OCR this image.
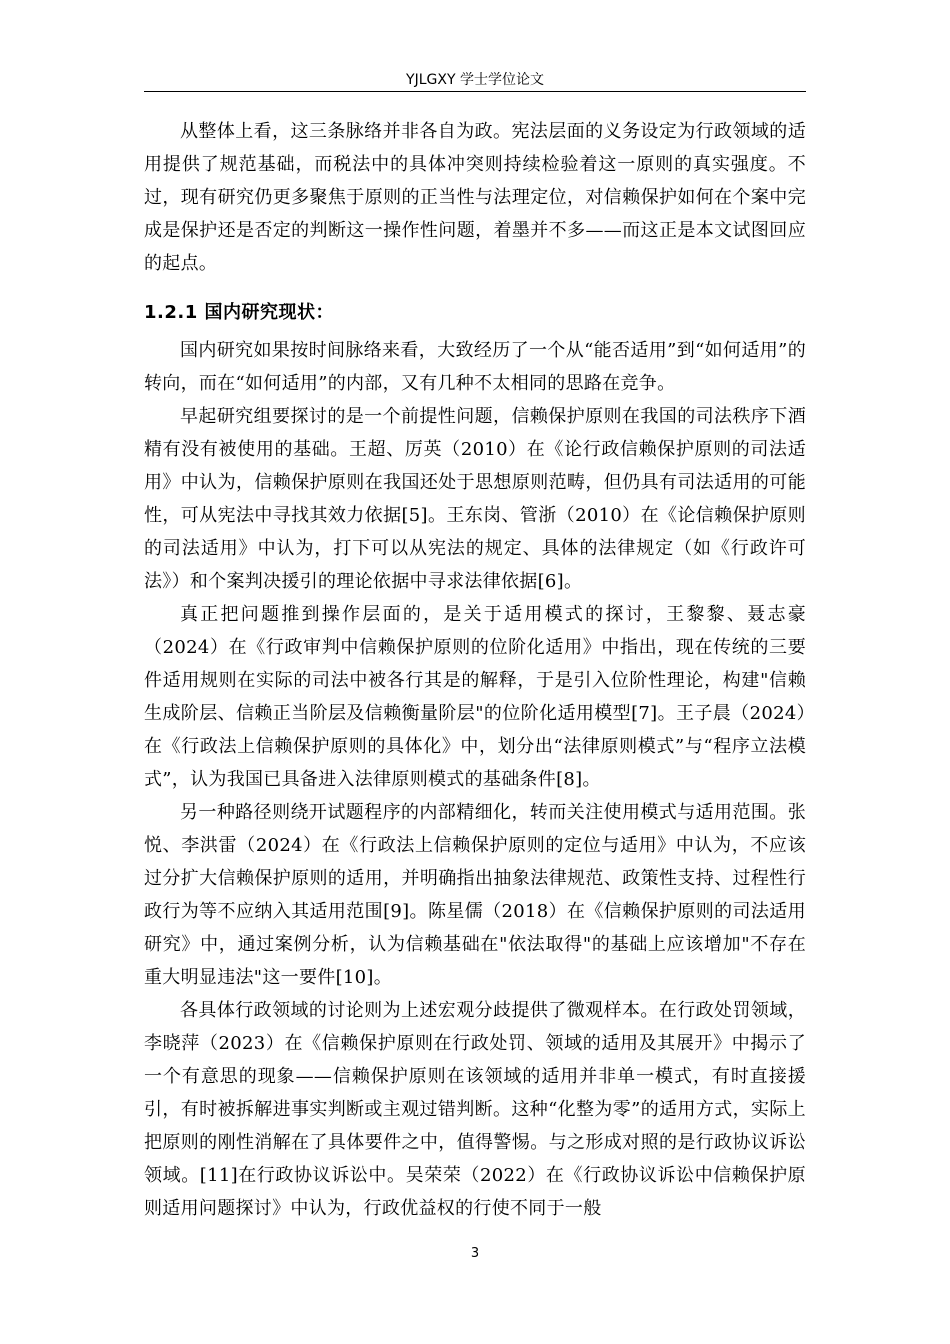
YJLGXY 学士学位论文

从整体上看，这三条脉络并非各自为政。宪法层面的义务设定为行政领域的适用提供了规范基础，而税法中的具体冲突则持续检验着这一原则的真实强度。不过，现有研究仍更多聚焦于原则的正当性与法理定位，对信赖保护如何在个案中完成是保护还是否定的判断这一操作性问题，着墨并不多——而这正是本文试图回应的起点。

1.2.1 国内研究现状：

国内研究如果按时间脉络来看，大致经历了一个从“能否适用”到“如何适用”的转向，而在“如何适用”的内部，又有几种不太相同的思路在竞争。

早起研究组要探讨的是一个前提性问题，信赖保护原则在我国的司法秩序下酒精有没有被使用的基础。王超、厉英（2010）在《论行政信赖保护原则的司法适用》中认为，信赖保护原则在我国还处于思想原则范畴，但仍具有司法适用的可能性，可从宪法中寻找其效力依据[5]。王东岗、管浙（2010）在《论信赖保护原则的司法适用》中认为，打下可以从宪法的规定、具体的法律规定（如《行政许可法》）和个案判决援引的理论依据中寻求法律依据[6]。

真正把问题推到操作层面的，是关于适用模式的探讨，王黎黎、聂志豪（2024）在《行政审判中信赖保护原则的位阶化适用》中指出，现在传统的三要件适用规则在实际的司法中被各行其是的解释，于是引入位阶性理论，构建"信赖生成阶层、信赖正当阶层及信赖衡量阶层"的位阶化适用模型[7]。王子晨（2024）在《行政法上信赖保护原则的具体化》中，划分出“法律原则模式”与“程序立法模式”，认为我国已具备进入法律原则模式的基础条件[8]。

另一种路径则绕开试题程序的内部精细化，转而关注使用模式与适用范围。张悦、李洪雷（2024）在《行政法上信赖保护原则的定位与适用》中认为，不应该过分扩大信赖保护原则的适用，并明确指出抽象法律规范、政策性支持、过程性行政行为等不应纳入其适用范围[9]。陈星儒（2018）在《信赖保护原则的司法适用研究》中，通过案例分析，认为信赖基础在"依法取得"的基础上应该增加"不存在重大明显违法"这一要件[10]。

各具体行政领域的讨论则为上述宏观分歧提供了微观样本。在行政处罚领域，李晓萍（2023）在《信赖保护原则在行政处罚、领域的适用及其展开》中揭示了一个有意思的现象——信赖保护原则在该领域的适用并非单一模式，有时直接援引，有时被拆解进事实判断或主观过错判断。这种“化整为零”的适用方式，实际上把原则的刚性消解在了具体要件之中，值得警惕。与之形成对照的是行政协议诉讼领域。[11]在行政协议诉讼中。吴荣荣（2022）在《行政协议诉讼中信赖保护原则适用问题探讨》中认为，行政优益权的行使不同于一般

3
